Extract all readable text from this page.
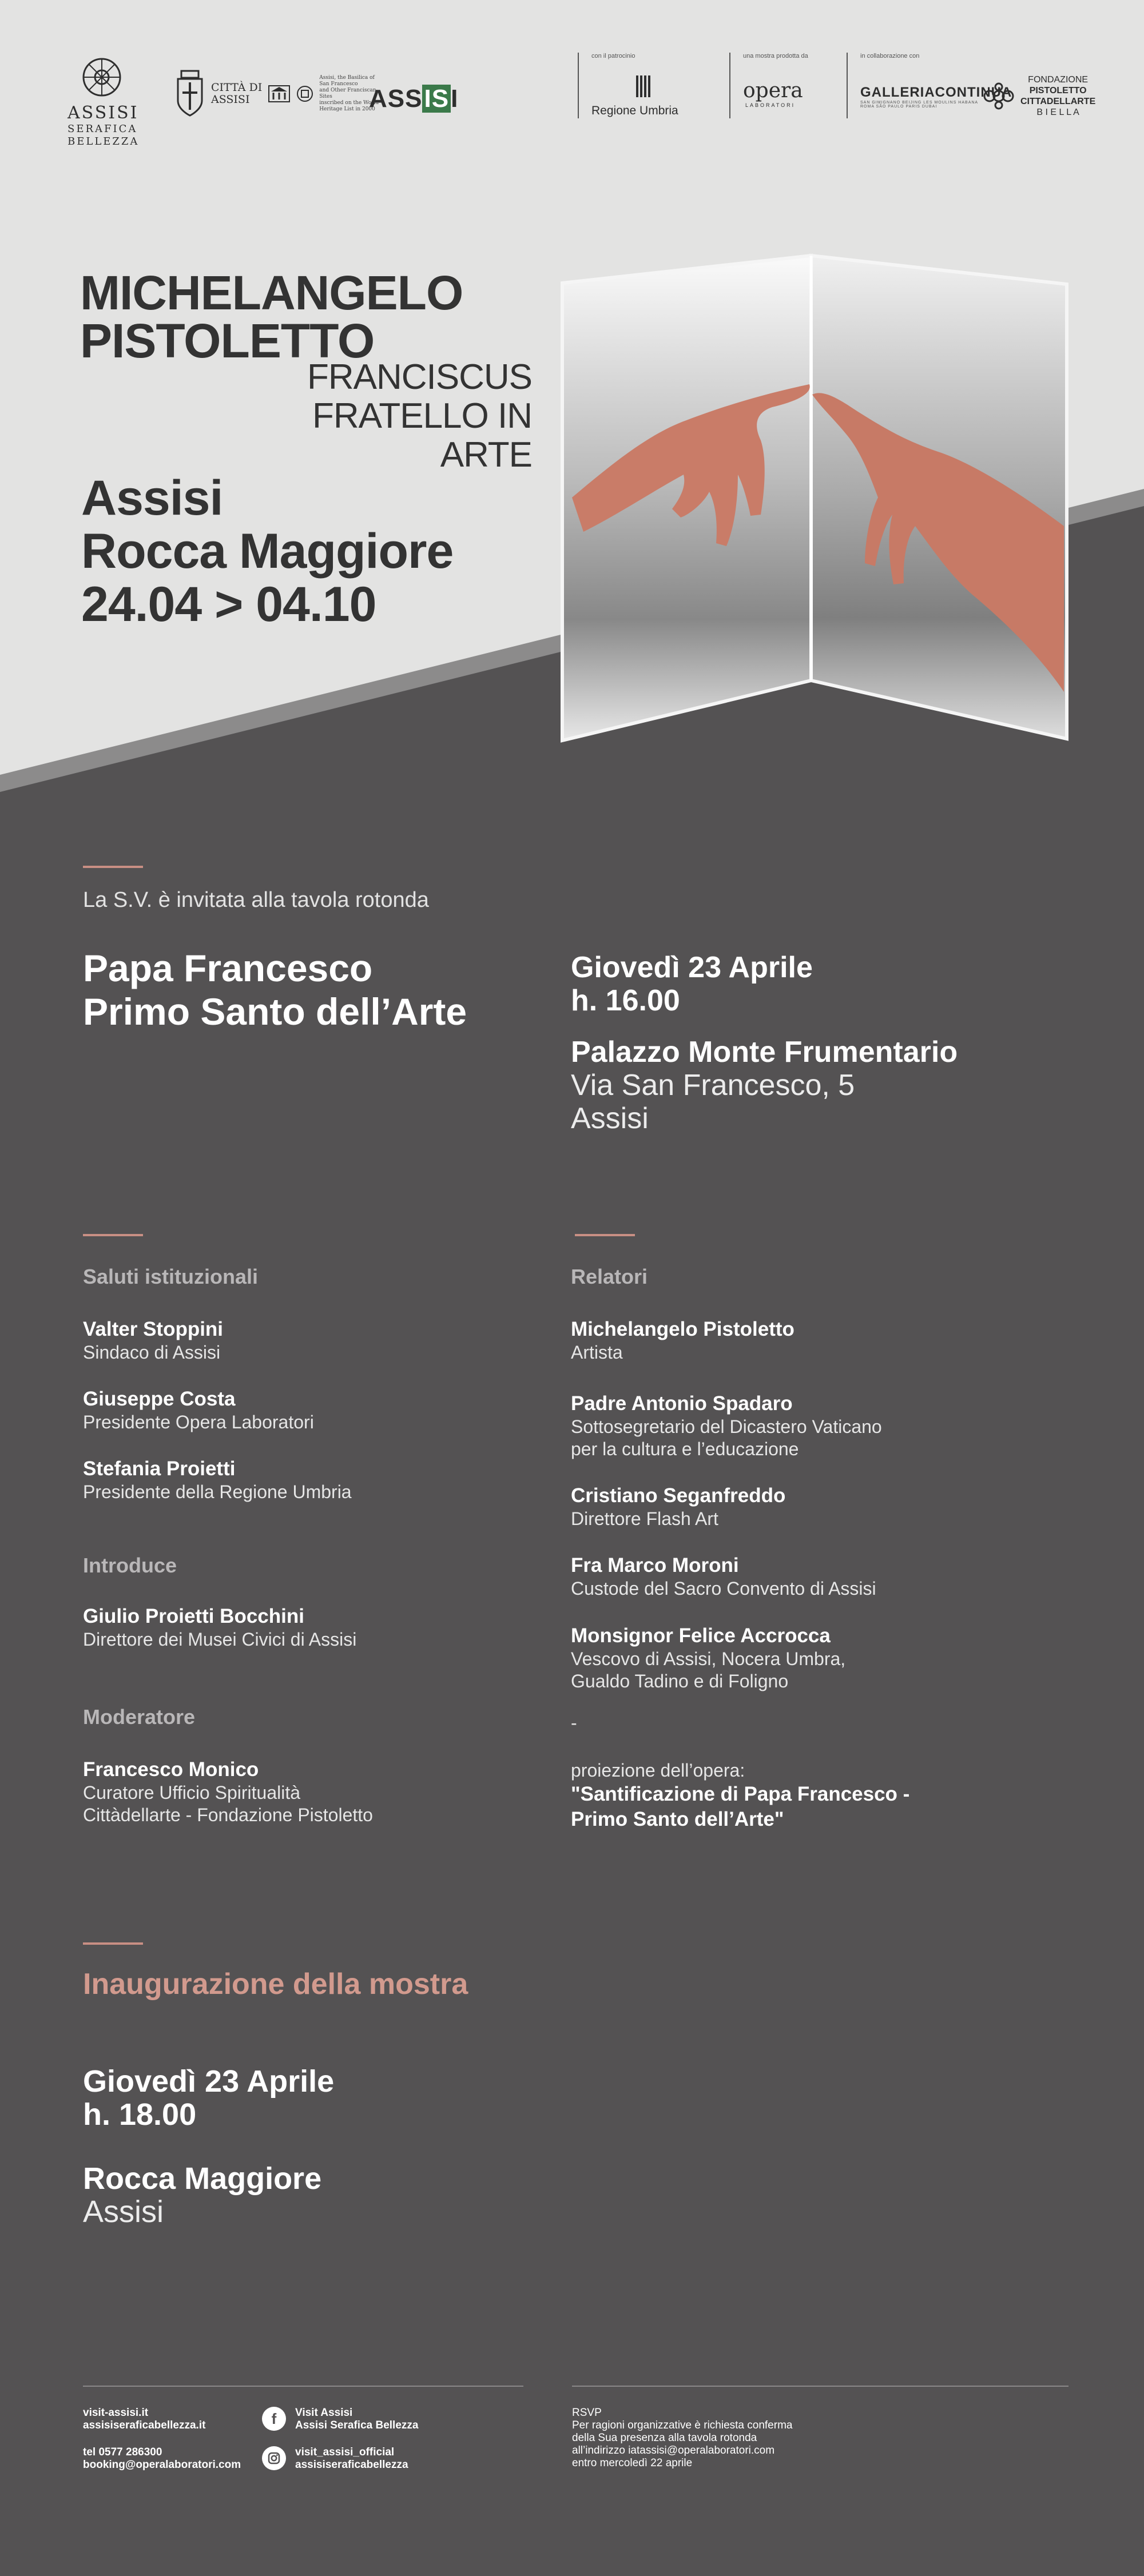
ASSISI
SERAFICA
BELLEZZA
CITTÀ DI
ASSISI
Assisi, the Basilica of San Francesco
and Other Franciscan Sites
inscribed on the World Heritage List in 2000
ASSISI
con il patrocinio
Regione Umbria
una mostra prodotta da
opera
LABORATORI
in collaborazione con
GALLERIACONTINUA
SAN GIMIGNANO BEIJING LES MOULINS HABANA ROMA SÃO PAULO PARIS DUBAI
FONDAZIONE
PISTOLETTO
CITTADELLARTE
B I E L L A
MICHELANGELO
PISTOLETTO
FRANCISCUS
FRATELLO IN ARTE
Assisi
Rocca Maggiore
24.04 > 04.10
La S.V. è invitata alla tavola rotonda
Papa Francesco
Primo Santo dell’Arte
Giovedì 23 Aprile
h. 16.00
Palazzo Monte Frumentario
Via San Francesco, 5
Assisi
Saluti istituzionali
Valter Stoppini
Sindaco di Assisi
Giuseppe Costa
Presidente Opera Laboratori
Stefania Proietti
Presidente della Regione Umbria
Introduce
Giulio Proietti Bocchini
Direttore dei Musei Civici di Assisi
Moderatore
Francesco Monico
Curatore Ufficio Spiritualità
Cittàdellarte - Fondazione Pistoletto
Relatori
Michelangelo Pistoletto
Artista
Padre Antonio Spadaro
Sottosegretario del Dicastero Vaticano
per la cultura e l’educazione
Cristiano Seganfreddo
Direttore Flash Art
Fra Marco Moroni
Custode del Sacro Convento di Assisi
Monsignor Felice Accrocca
Vescovo di Assisi, Nocera Umbra,
Gualdo Tadino e di Foligno
-
proiezione dell’opera:
"Santificazione di Papa Francesco -
Primo Santo dell’Arte"
Inaugurazione della mostra
Giovedì 23 Aprile
h. 18.00
Rocca Maggiore
Assisi
visit-assisi.it
assisiseraficabellezza.it
tel 0577 286300
booking@operalaboratori.com
f	Visit Assisi
Assisi Serafica Bellezza
visit_assisi_official
assisiseraficabellezza
RSVP
Per ragioni organizzative è richiesta conferma
della Sua presenza alla tavola rotonda
all’indirizzo iatassisi@operalaboratori.com
entro mercoledì 22 aprile
